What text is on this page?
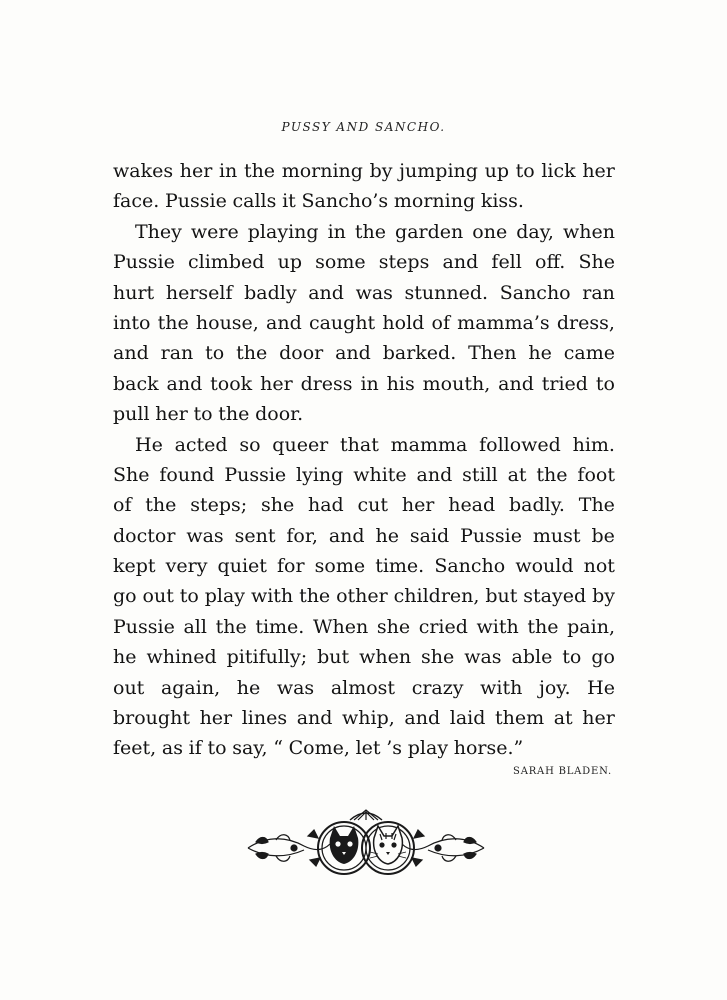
PUSSY AND SANCHO.
wakes her in the morning by jumping up to lick her
face. Pussie calls it Sancho’s morning kiss.
They were playing in the garden one day, when
Pussie climbed up some steps and fell off. She
hurt herself badly and was stunned. Sancho ran
into the house, and caught hold of mamma’s dress,
and ran to the door and barked. Then he came
back and took her dress in his mouth, and tried to
pull her to the door.
He acted so queer that mamma followed him.
She found Pussie lying white and still at the foot
of the steps; she had cut her head badly. The
doctor was sent for, and he said Pussie must be
kept very quiet for some time. Sancho would not
go out to play with the other children, but stayed by
Pussie all the time. When she cried with the pain,
he whined pitifully; but when she was able to go
out again, he was almost crazy with joy. He
brought her lines and whip, and laid them at her
feet, as if to say, “ Come, let ’s play horse.”
SARAH BLADEN.
